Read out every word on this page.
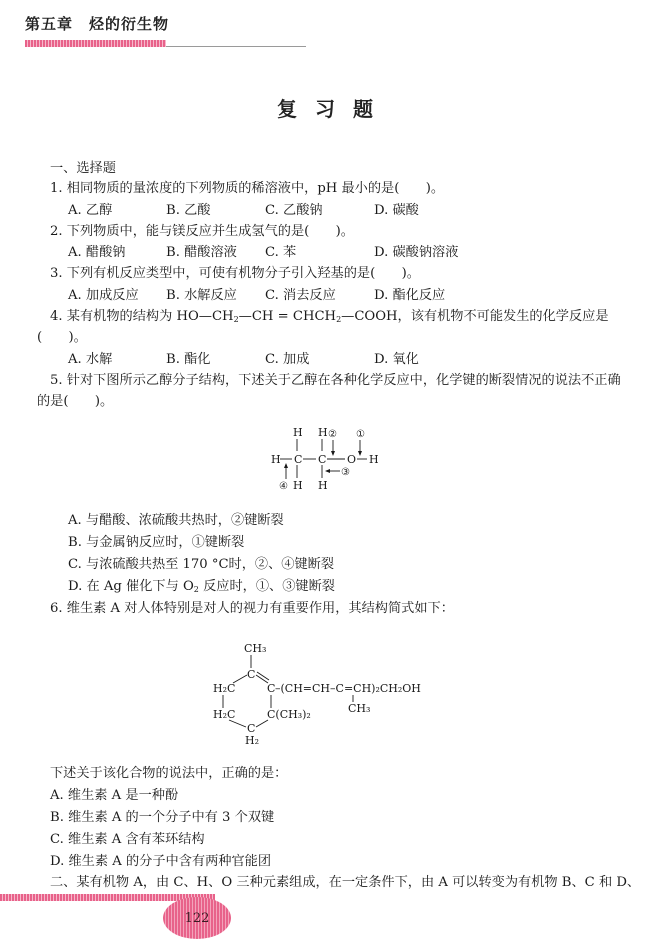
第五章　烃的衍生物
复习题
一、选择题
1. 相同物质的量浓度的下列物质的稀溶液中，pH 最小的是(　　)。
A. 乙醇	B. 乙酸	C. 乙酸钠	D. 碳酸
2. 下列物质中，能与镁反应并生成氢气的是(　　)。
A. 醋酸钠	B. 醋酸溶液 C. 苯	D. 碳酸钠溶液
3. 下列有机反应类型中，可使有机物分子引入羟基的是(　　)。
A. 加成反应 B. 水解反应 C. 消去反应	D. 酯化反应
4. 某有机物的结构为 $HO—CH_2—CH$ = $CHCH_2—COOH$，该有机物不可能发生的化学反应是
(　　)。
A. 水解	B. 酯化	C. 加成	D. 氧化
5. 针对下图所示乙醇分子结构，下述关于乙醇在各种化学反应中，化学键的断裂情况的说法不正确
的是(　　)。
H H
H C C O H
H H
④
② ①
③
A. 与醋酸、浓硫酸共热时，②键断裂
B. 与金属钠反应时，①键断裂
C. 与浓硫酸共热至 170 °C时，②、④键断裂
D. 在 Ag 催化下与 $O_2$ 反应时，①、③键断裂
6. 维生素 A 对人体特别是对人的视力有重要作用，其结构简式如下：
CH₃
C
H₂C	C –(CH=CH–C=CH)₂CH₂OH
CH₃
H₂C	C(CH₃)₂
C
H₂
下述关于该化合物的说法中，正确的是：
A. 维生素 A 是一种酚
B. 维生素 A 的一个分子中有 3 个双键
C. 维生素 A 含有苯环结构
D. 维生素 A 的分子中含有两种官能团
二、某有机物 A，由 C、H、O 三种元素组成，在一定条件下，由 A 可以转变为有机物 B、C 和 D、
122
